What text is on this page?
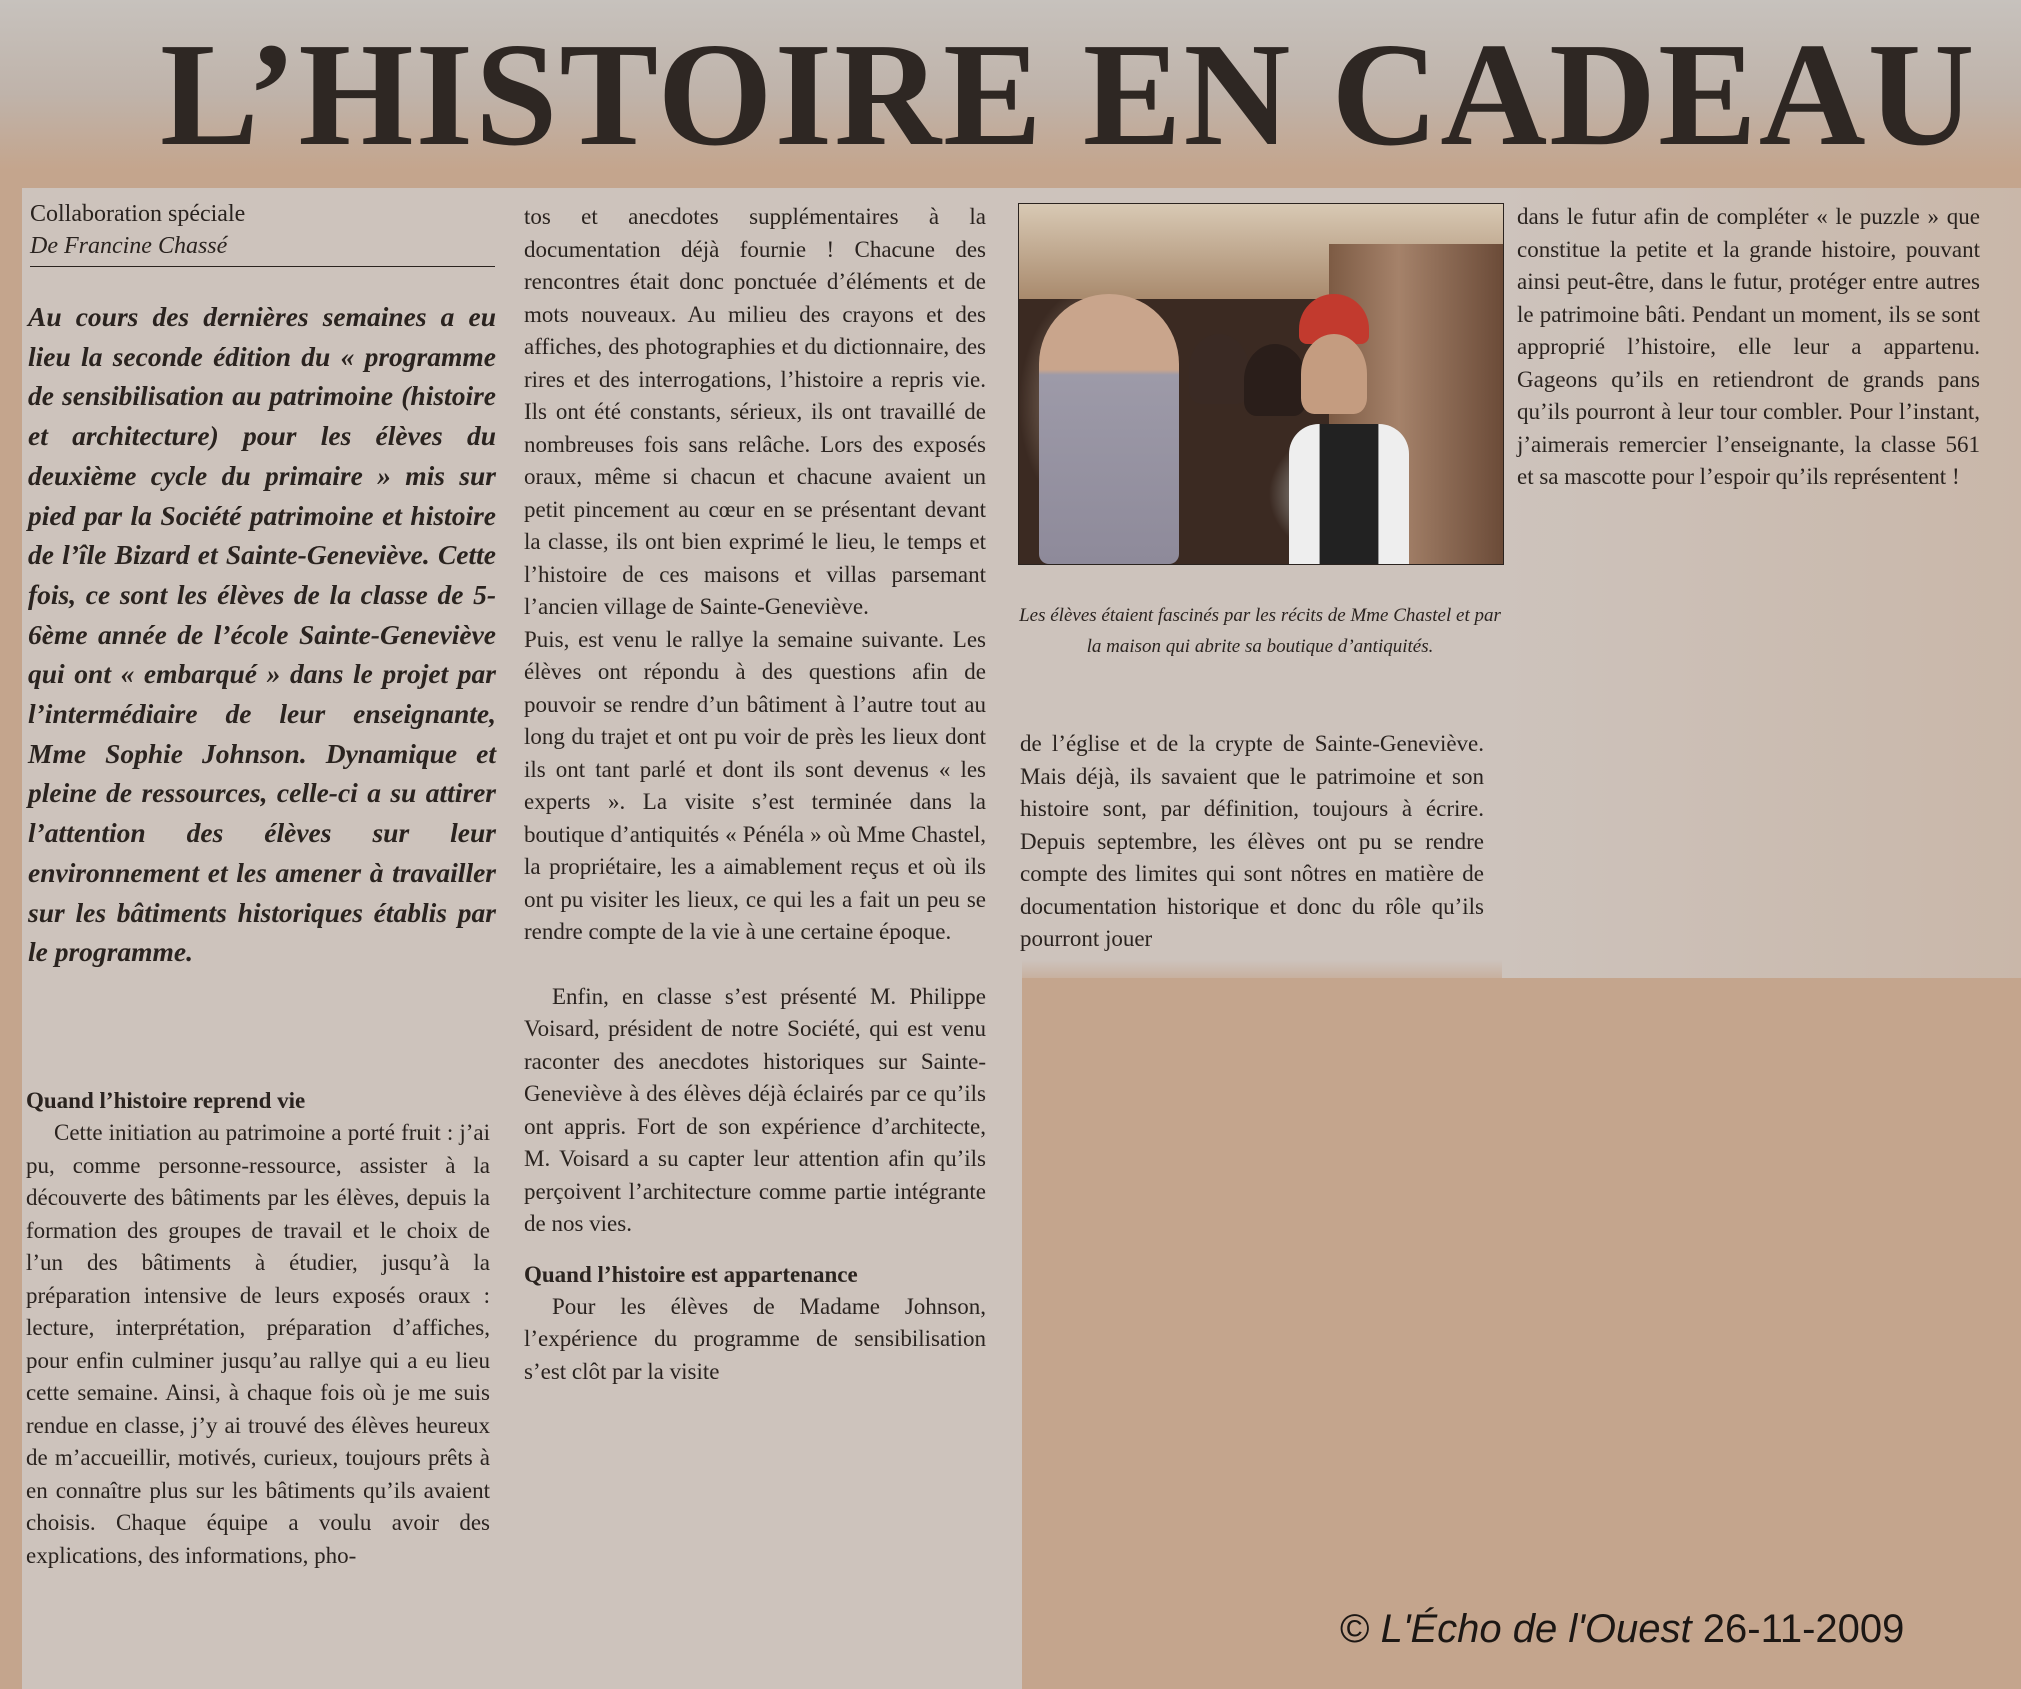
L’HISTOIRE EN CADEAU
Collaboration spéciale
De Francine Chassé
Au cours des dernières semaines a eu lieu la seconde édition du « programme de sensibilisation au patrimoine (histoire et architecture) pour les élèves du deuxième cycle du primaire » mis sur pied par la Société patrimoine et histoire de l’île Bizard et Sainte-Geneviève. Cette fois, ce sont les élèves de la classe de 5-6ème année de l’école Sainte-Geneviève qui ont « embarqué » dans le projet par l’intermédiaire de leur enseignante, Mme Sophie Johnson. Dynamique et pleine de ressources, celle-ci a su attirer l’attention des élèves sur leur environnement et les amener à travailler sur les bâtiments historiques établis par le programme.
Quand l’histoire reprend vie

Cette initiation au patrimoine a porté fruit : j’ai pu, comme personne-ressource, assister à la découverte des bâtiments par les élèves, depuis la formation des groupes de travail et le choix de l’un des bâtiments à étudier, jusqu’à la préparation intensive de leurs exposés oraux : lecture, interprétation, préparation d’affiches, pour enfin culminer jusqu’au rallye qui a eu lieu cette semaine. Ainsi, à chaque fois où je me suis rendue en classe, j’y ai trouvé des élèves heureux de m’accueillir, motivés, curieux, toujours prêts à en connaître plus sur les bâtiments qu’ils avaient choisis. Chaque équipe a voulu avoir des explications, des informations, pho-

tos et anecdotes supplémentaires à la documentation déjà fournie ! Chacune des rencontres était donc ponctuée d’éléments et de mots nouveaux. Au milieu des crayons et des affiches, des photographies et du dictionnaire, des rires et des interrogations, l’histoire a repris vie. Ils ont été constants, sérieux, ils ont travaillé de nombreuses fois sans relâche. Lors des exposés oraux, même si chacun et chacune avaient un petit pincement au cœur en se présentant devant la classe, ils ont bien exprimé le lieu, le temps et l’histoire de ces maisons et villas parsemant l’ancien village de Sainte-Geneviève.

Puis, est venu le rallye la semaine suivante. Les élèves ont répondu à des questions afin de pouvoir se rendre d’un bâtiment à l’autre tout au long du trajet et ont pu voir de près les lieux dont ils ont tant parlé et dont ils sont devenus « les experts ». La visite s’est terminée dans la boutique d’antiquités « Pénéla » où Mme Chastel, la propriétaire, les a aimablement reçus et où ils ont pu visiter les lieux, ce qui les a fait un peu se rendre compte de la vie à une certaine époque.

Enfin, en classe s’est présenté M. Philippe Voisard, président de notre Société, qui est venu raconter des anecdotes historiques sur Sainte-Geneviève à des élèves déjà éclairés par ce qu’ils ont appris. Fort de son expérience d’architecte, M. Voisard a su capter leur attention afin qu’ils perçoivent l’architecture comme partie intégrante de nos vies.

Quand l’histoire est appartenance

Pour les élèves de Madame Johnson, l’expérience du programme de sensibilisation s’est clôt par la visite

Les élèves étaient fascinés par les récits de Mme Chastel et par la maison qui abrite sa boutique d’antiquités.

de l’église et de la crypte de Sainte-Geneviève. Mais déjà, ils savaient que le patrimoine et son histoire sont, par définition, toujours à écrire. Depuis septembre, les élèves ont pu se rendre compte des limites qui sont nôtres en matière de documentation historique et donc du rôle qu’ils pourront jouer

dans le futur afin de compléter « le puzzle » que constitue la petite et la grande histoire, pouvant ainsi peut-être, dans le futur, protéger entre autres le patrimoine bâti. Pendant un moment, ils se sont approprié l’histoire, elle leur a appartenu. Gageons qu’ils en retiendront de grands pans qu’ils pourront à leur tour combler. Pour l’instant, j’aimerais remercier l’enseignante, la classe 561 et sa mascotte pour l’espoir qu’ils représentent !

© L'Écho de l'Ouest 26-11-2009
